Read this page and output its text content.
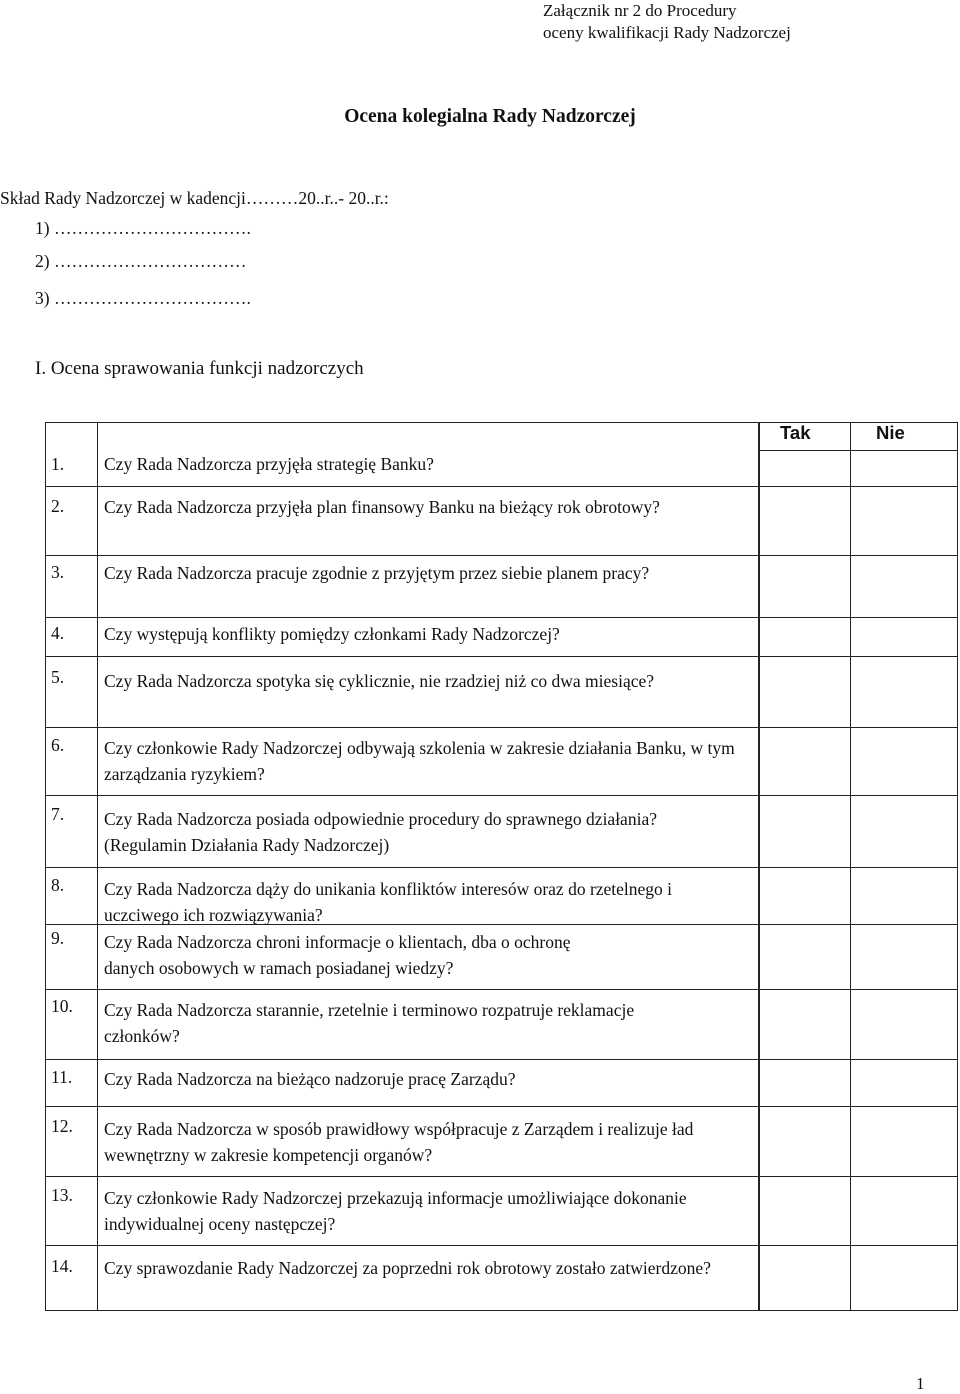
Załącznik nr 2 do Procedury
oceny kwalifikacji Rady Nadzorczej
Ocena kolegialna Rady Nadzorczej
Skład Rady Nadzorczej w kadencji………20..r..- 20..r.:
1) …………………………….
2) ……………………………
3) …………………………….
I. Ocena sprawowania funkcji nadzorczych
Tak	Nie
1. Czy Rada Nadzorcza przyjęła strategię Banku?
2. Czy Rada Nadzorcza przyjęła plan finansowy Banku na bieżący rok obrotowy?
3. Czy Rada Nadzorcza pracuje zgodnie z przyjętym przez siebie planem pracy?
4. Czy występują konflikty pomiędzy członkami Rady Nadzorczej?
5. Czy Rada Nadzorcza spotyka się cyklicznie, nie rzadziej niż co dwa miesiące?
6. Czy członkowie Rady Nadzorczej odbywają szkolenia w zakresie działania Banku, w tym zarządzania ryzykiem?
7. Czy Rada Nadzorcza posiada odpowiednie procedury do sprawnego działania? (Regulamin Działania Rady Nadzorczej)
8. Czy Rada Nadzorcza dąży do unikania konfliktów interesów oraz do rzetelnego i uczciwego ich rozwiązywania?
9. Czy Rada Nadzorcza chroni informacje o klientach, dba o ochronę danych osobowych w ramach posiadanej wiedzy?
10. Czy Rada Nadzorcza starannie, rzetelnie i terminowo rozpatruje reklamacje członków?
11. Czy Rada Nadzorcza na bieżąco nadzoruje pracę Zarządu?
12. Czy Rada Nadzorcza w sposób prawidłowy współpracuje z Zarządem i realizuje ład wewnętrzny w zakresie kompetencji organów?
13. Czy członkowie Rady Nadzorczej przekazują informacje umożliwiające dokonanie indywidualnej oceny następczej?
14. Czy sprawozdanie Rady Nadzorczej za poprzedni rok obrotowy zostało zatwierdzone?
1
